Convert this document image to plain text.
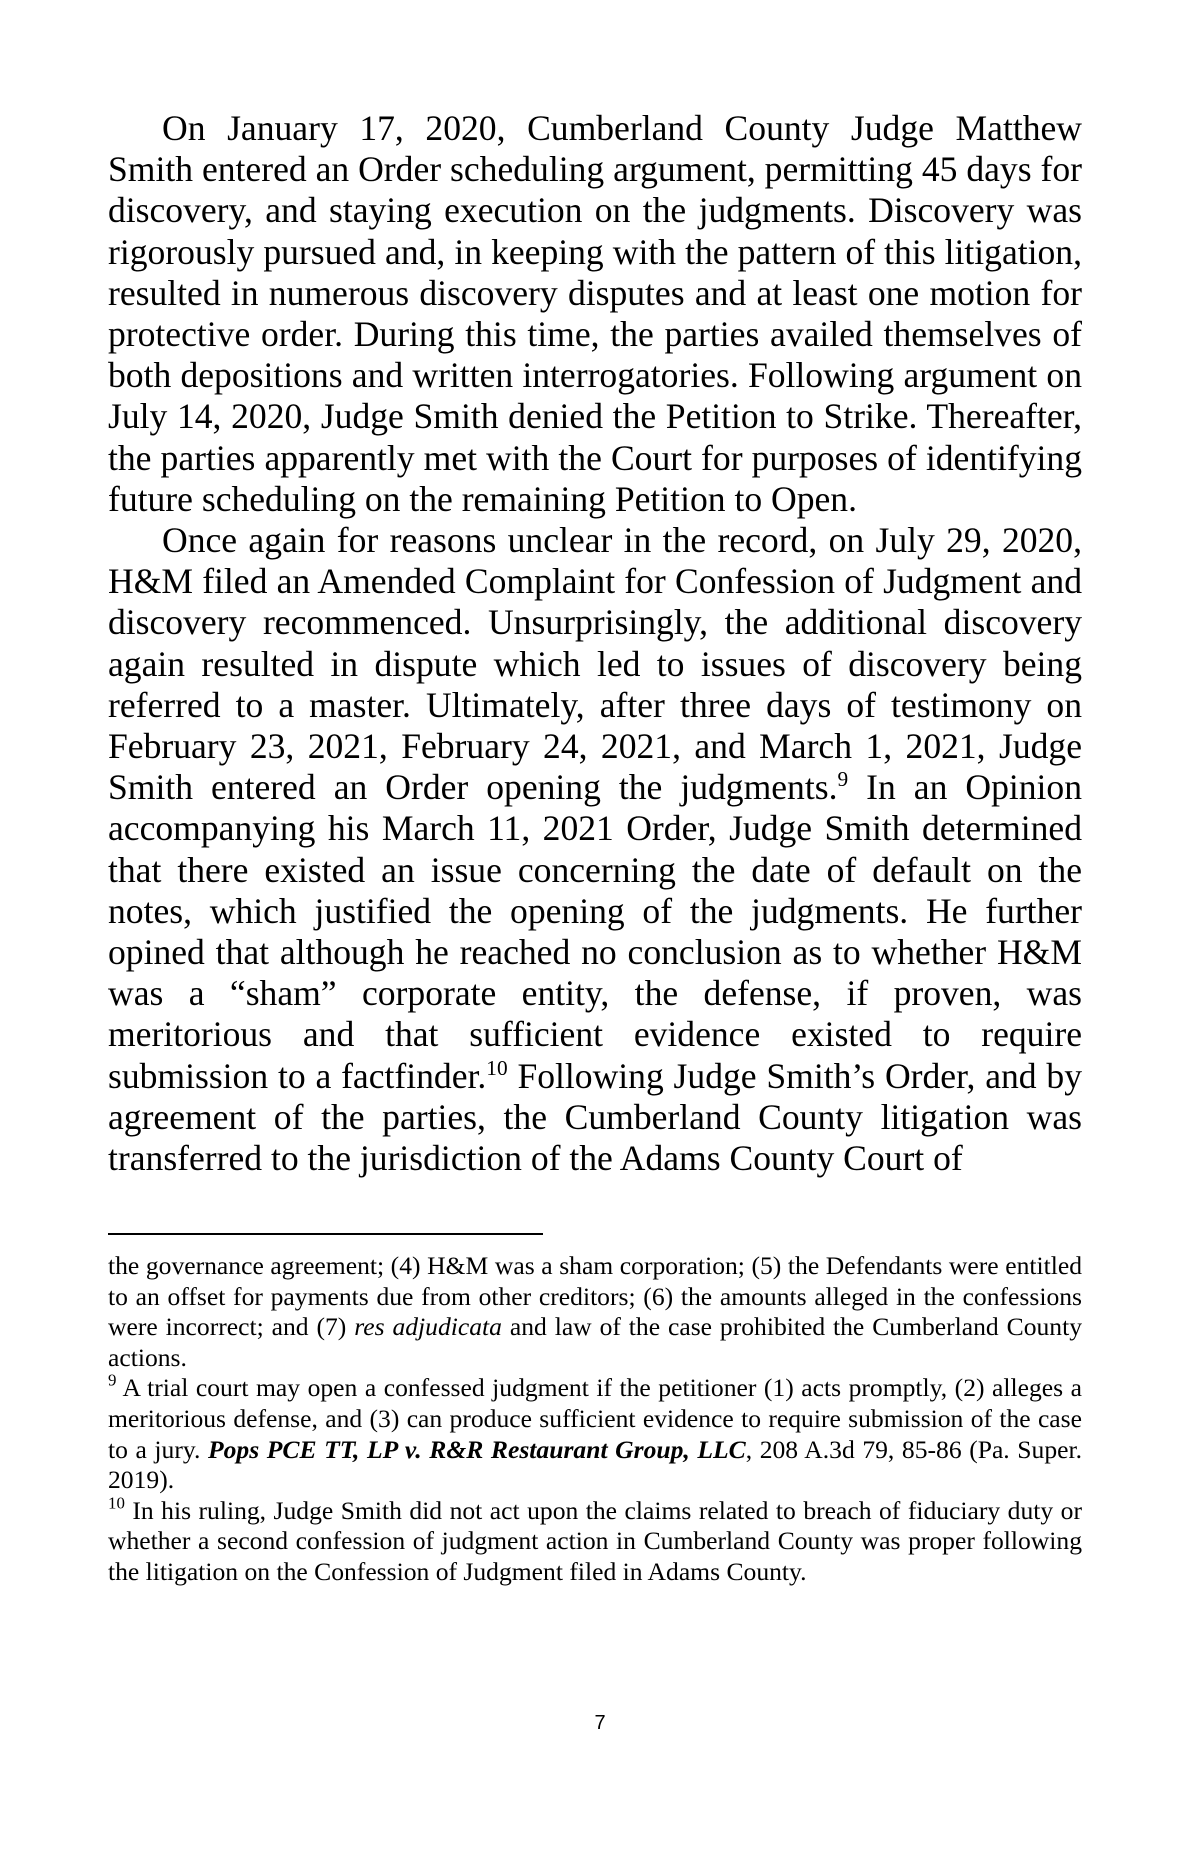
On January 17, 2020, Cumberland County Judge Matthew Smith entered an Order scheduling argument, permitting 45 days for discovery, and staying execution on the judgments. Discovery was rigorously pursued and, in keeping with the pattern of this litigation, resulted in numerous discovery disputes and at least one motion for protective order. During this time, the parties availed themselves of both depositions and written interrogatories. Following argument on July 14, 2020, Judge Smith denied the Petition to Strike. Thereafter, the parties apparently met with the Court for purposes of identifying future scheduling on the remaining Petition to Open.

Once again for reasons unclear in the record, on July 29, 2020, H&M filed an Amended Complaint for Confession of Judgment and discovery recommenced. Unsurprisingly, the additional discovery again resulted in dispute which led to issues of discovery being referred to a master. Ultimately, after three days of testimony on February 23, 2021, February 24, 2021, and March 1, 2021, Judge Smith entered an Order opening the judgments.$^9$ In an Opinion accompanying his March 11, 2021 Order, Judge Smith determined that there existed an issue concerning the date of default on the notes, which justified the opening of the judgments. He further opined that although he reached no conclusion as to whether H&M was a “sham” corporate entity, the defense, if proven, was meritorious and that sufficient evidence existed to require submission to a factfinder.$^{10}$ Following Judge Smith’s Order, and by agreement of the parties, the Cumberland County litigation was transferred to the jurisdiction of the Adams County Court of

the governance agreement; (4) H&M was a sham corporation; (5) the Defendants were entitled to an offset for payments due from other creditors; (6) the amounts alleged in the confessions were incorrect; and (7) res adjudicata and law of the case prohibited the Cumberland County actions.

$^9$ A trial court may open a confessed judgment if the petitioner (1) acts promptly, (2) alleges a meritorious defense, and (3) can produce sufficient evidence to require submission of the case to a jury. Pops PCE TT, LP v. R&R Restaurant Group, LLC, 208 A.3d 79, 85-86 (Pa. Super. 2019).

$^{10}$ In his ruling, Judge Smith did not act upon the claims related to breach of fiduciary duty or whether a second confession of judgment action in Cumberland County was proper following the litigation on the Confession of Judgment filed in Adams County.

7
